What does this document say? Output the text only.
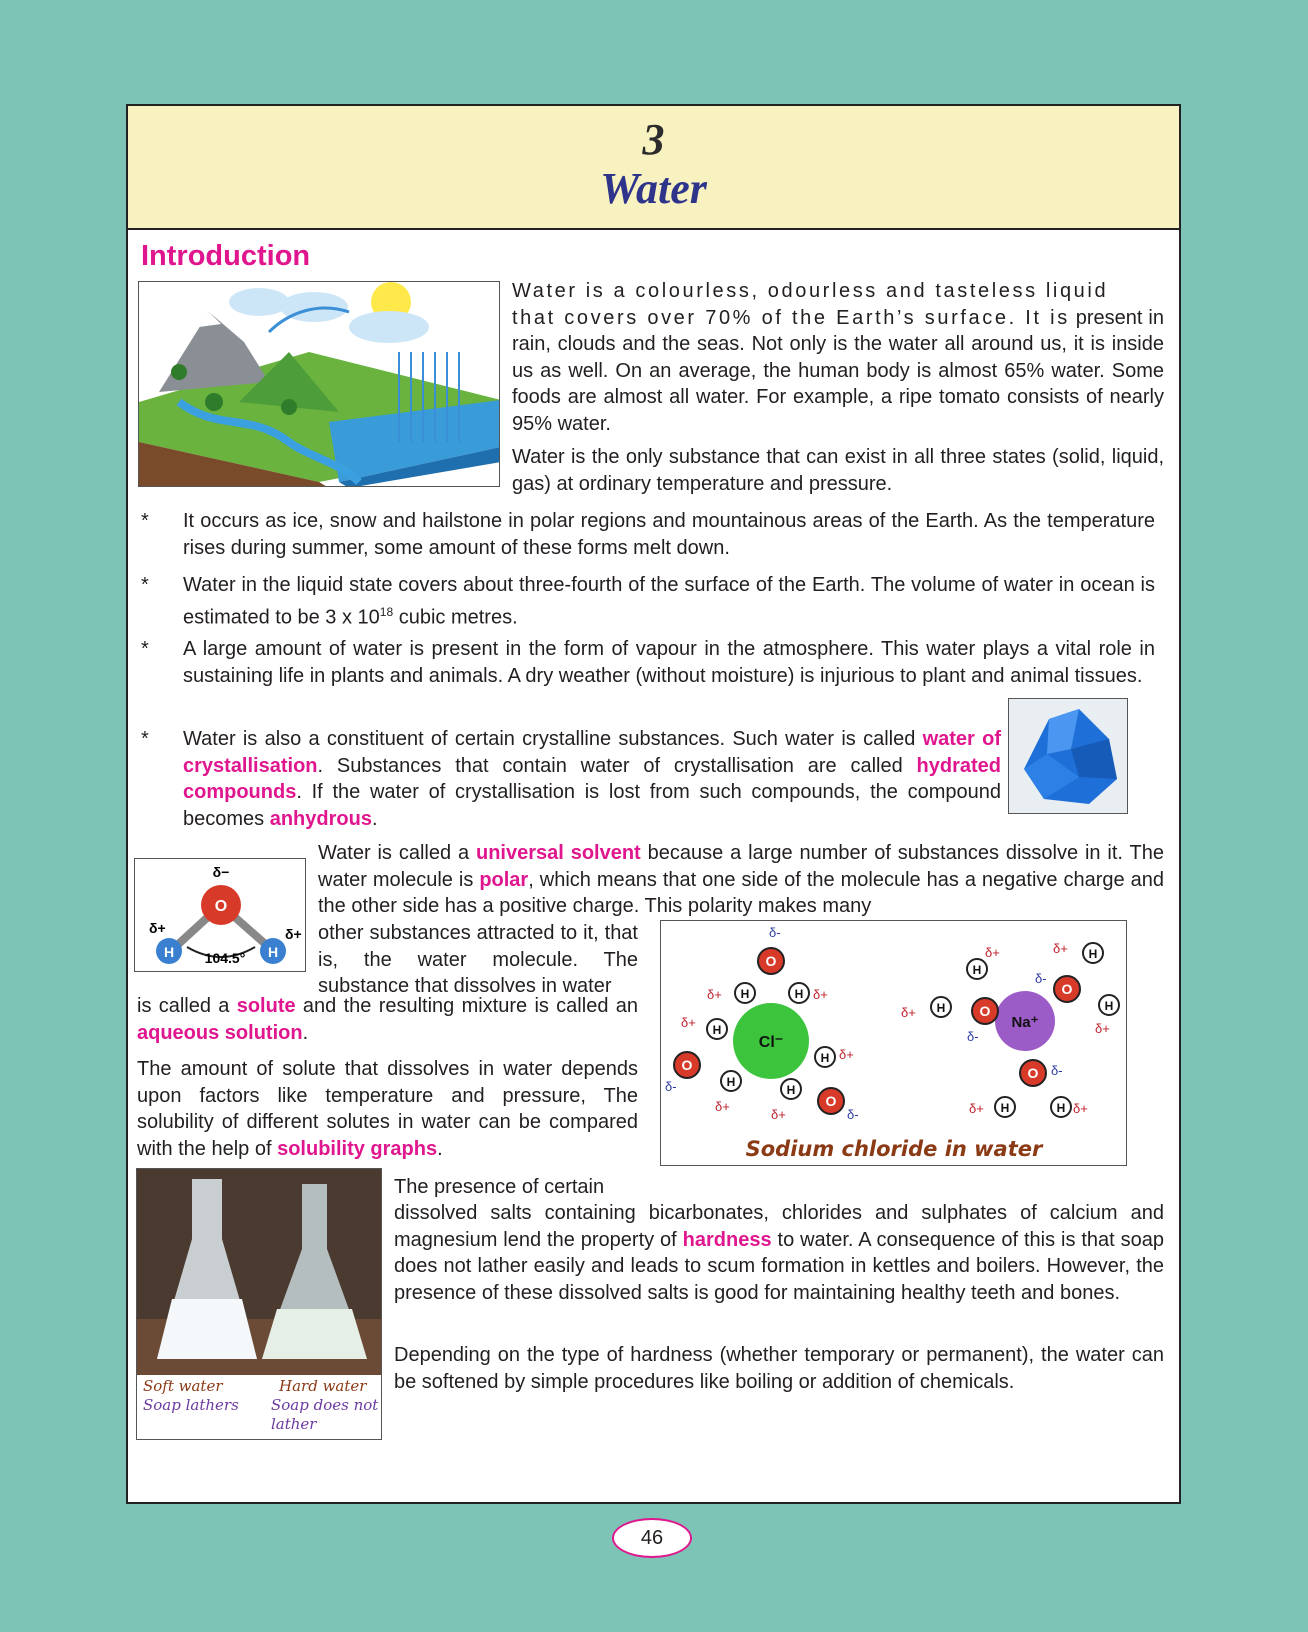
3
Water
Introduction
Water is a colourless, odourless and tasteless liquid
that covers over 70% of the Earth’s surface. It is present in rain, clouds and the seas. Not only is the water all around us, it is inside us as well. On an average, the human body is almost 65% water. Some foods are almost all water. For example, a ripe tomato consists of nearly 95% water.
Water is the only substance that can exist in all three states (solid, liquid, gas) at ordinary temperature and pressure.
* It occurs as ice, snow and hailstone in polar regions and mountainous areas of the Earth. As the temperature rises during summer, some amount of these forms melt down.
* Water in the liquid state covers about three-fourth of the surface of the Earth. The volume of water in ocean is estimated to be 3 x $10^{18}$ cubic metres.
* A large amount of water is present in the form of vapour in the atmosphere. This water plays a vital role in sustaining life in plants and animals. A dry weather (without moisture) is injurious to plant and animal tissues.
* Water is also a constituent of certain crystalline substances. Such water is called water of crystallisation. Substances that contain water of crystallisation are called hydrated compounds. If the water of crystallisation is lost from such compounds, the compound becomes anhydrous.
δ−
O
H	H
δ+	δ+
104.5°
Water is called a universal solvent because a large number of substances dissolve in it. The water molecule is polar, which means that one side of the molecule has a negative charge and the other side has a positive charge. This polarity makes many
other substances attracted to it, that is, the water molecule. The substance that dissolves in water
is called a solute and the resulting mixture is called an aqueous solution.
The amount of solute that dissolves in water depends upon factors like temperature and pressure, The solubility of different solutes in water can be compared with the help of solubility graphs.
Cl⁻
Na⁺
O
H	H
O
H
H
O
H
H
O
H
H
O
H
H
O
H	H
δ-
δ+	δ+
δ+
δ-
δ+
δ+	δ-
δ+
δ+	δ+
δ-
δ+
δ-
δ+
δ-
δ+	δ+
Sodium chloride in water
Soft water
Soap lathers
Hard water
Soap does not
lather
The presence of certain
dissolved salts containing bicarbonates, chlorides and sulphates of calcium and magnesium lend the property of hardness to water. A consequence of this is that soap does not lather easily and leads to scum formation in kettles and boilers. However, the presence of these dissolved salts is good for maintaining healthy teeth and bones.
Depending on the type of hardness (whether temporary or permanent), the water can be softened by simple procedures like boiling or addition of chemicals.
46
